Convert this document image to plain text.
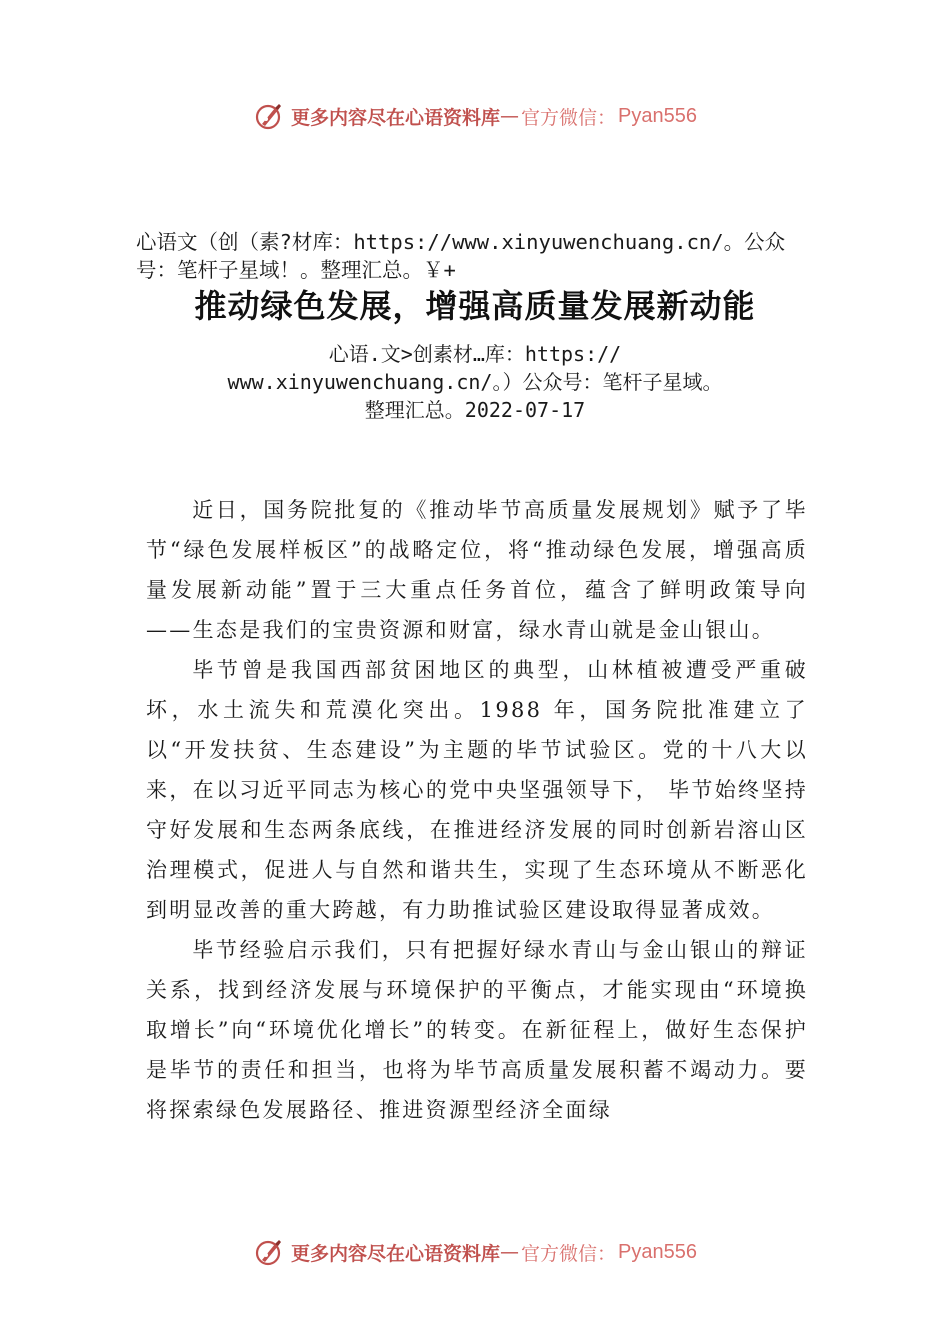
更多内容尽在心语资料库 — 官方微信： Pyan556
心语文（创（素?材库：https://www.xinyuwenchuang.cn/。公众号：笔杆子星域！。整理汇总。￥+
推动绿色发展，增强高质量发展新动能
心语.文>创素材…库：https://
www.xinyuwenchuang.cn/。）公众号：笔杆子星域。
整理汇总。2022-07-17

近日，国务院批复的《推动毕节高质量发展规划》赋予了毕节“绿色发展样板区”的战略定位，将“推动绿色发展，增强高质量发展新动能”置于三大重点任务首位，蕴含了鲜明政策导向——生态是我们的宝贵资源和财富，绿水青山就是金山银山。

毕节曾是我国西部贫困地区的典型，山林植被遭受严重破坏，水土流失和荒漠化突出。1988 年，国务院批准建立了以“开发扶贫、生态建设”为主题的毕节试验区。党的十八大以来，在以习近平同志为核心的党中央坚强领导下， 毕节始终坚持守好发展和生态两条底线，在推进经济发展的同时创新岩溶山区治理模式，促进人与自然和谐共生，实现了生态环境从不断恶化到明显改善的重大跨越，有力助推试验区建设取得显著成效。

毕节经验启示我们，只有把握好绿水青山与金山银山的辩证关系，找到经济发展与环境保护的平衡点，才能实现由“环境换取增长”向“环境优化增长”的转变。在新征程上，做好生态保护是毕节的责任和担当，也将为毕节高质量发展积蓄不竭动力。要将探索绿色发展路径、推进资源型经济全面绿

更多内容尽在心语资料库 — 官方微信： Pyan556
